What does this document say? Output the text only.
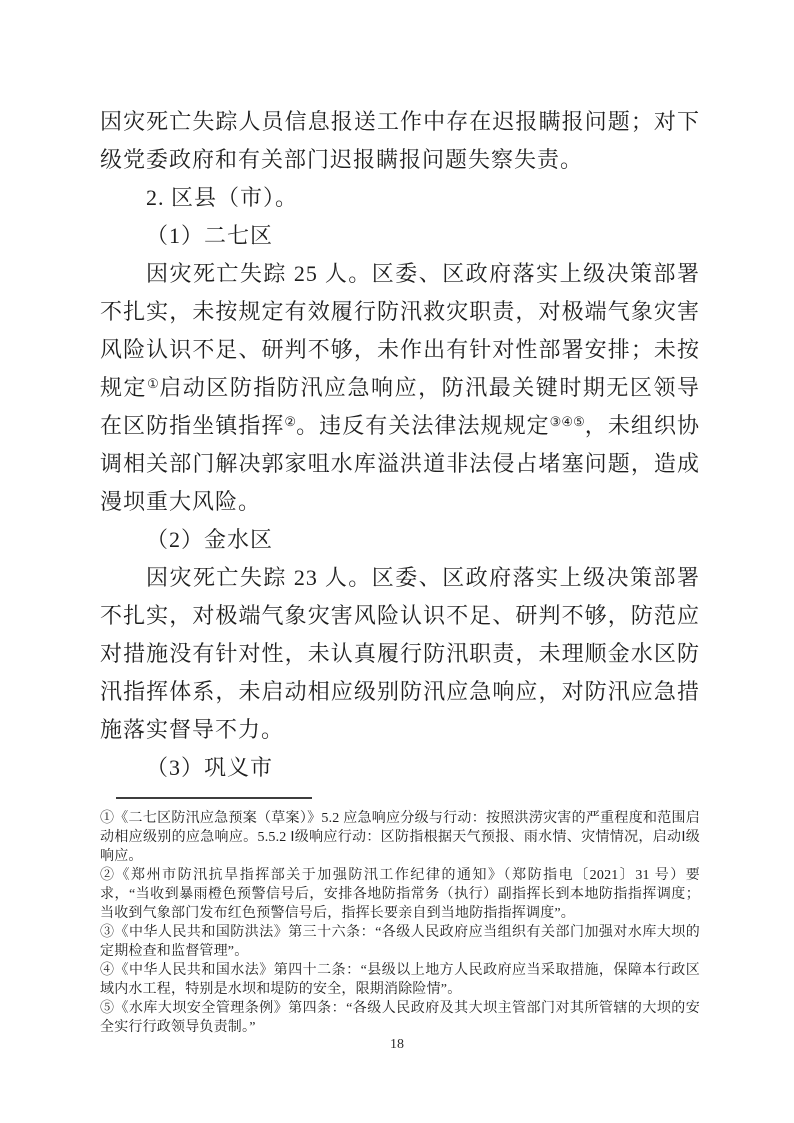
因灾死亡失踪人员信息报送工作中存在迟报瞒报问题；对下级党委政府和有关部门迟报瞒报问题失察失责。

2. 区县（市）。

（1）二七区

因灾死亡失踪 25 人。区委、区政府落实上级决策部署不扎实，未按规定有效履行防汛救灾职责，对极端气象灾害风险认识不足、研判不够，未作出有针对性部署安排；未按规定①启动区防指防汛应急响应，防汛最关键时期无区领导在区防指坐镇指挥②。违反有关法律法规规定③④⑤，未组织协调相关部门解决郭家咀水库溢洪道非法侵占堵塞问题，造成漫坝重大风险。

（2）金水区

因灾死亡失踪 23 人。区委、区政府落实上级决策部署不扎实，对极端气象灾害风险认识不足、研判不够，防范应对措施没有针对性，未认真履行防汛职责，未理顺金水区防汛指挥体系，未启动相应级别防汛应急响应，对防汛应急措施落实督导不力。

（3）巩义市

①《二七区防汛应急预案（草案）》5.2 应急响应分级与行动：按照洪涝灾害的严重程度和范围启动相应级别的应急响应。5.5.2 Ⅰ级响应行动：区防指根据天气预报、雨水情、灾情情况，启动Ⅰ级响应。

②《郑州市防汛抗旱指挥部关于加强防汛工作纪律的通知》（郑防指电〔2021〕31 号）要求，“当收到暴雨橙色预警信号后，安排各地防指常务（执行）副指挥长到本地防指指挥调度；当收到气象部门发布红色预警信号后，指挥长要亲自到当地防指指挥调度”。

③《中华人民共和国防洪法》第三十六条：“各级人民政府应当组织有关部门加强对水库大坝的定期检查和监督管理”。

④《中华人民共和国水法》第四十二条：“县级以上地方人民政府应当采取措施，保障本行政区域内水工程，特别是水坝和堤防的安全，限期消除险情”。

⑤《水库大坝安全管理条例》第四条：“各级人民政府及其大坝主管部门对其所管辖的大坝的安全实行行政领导负责制。”

18
